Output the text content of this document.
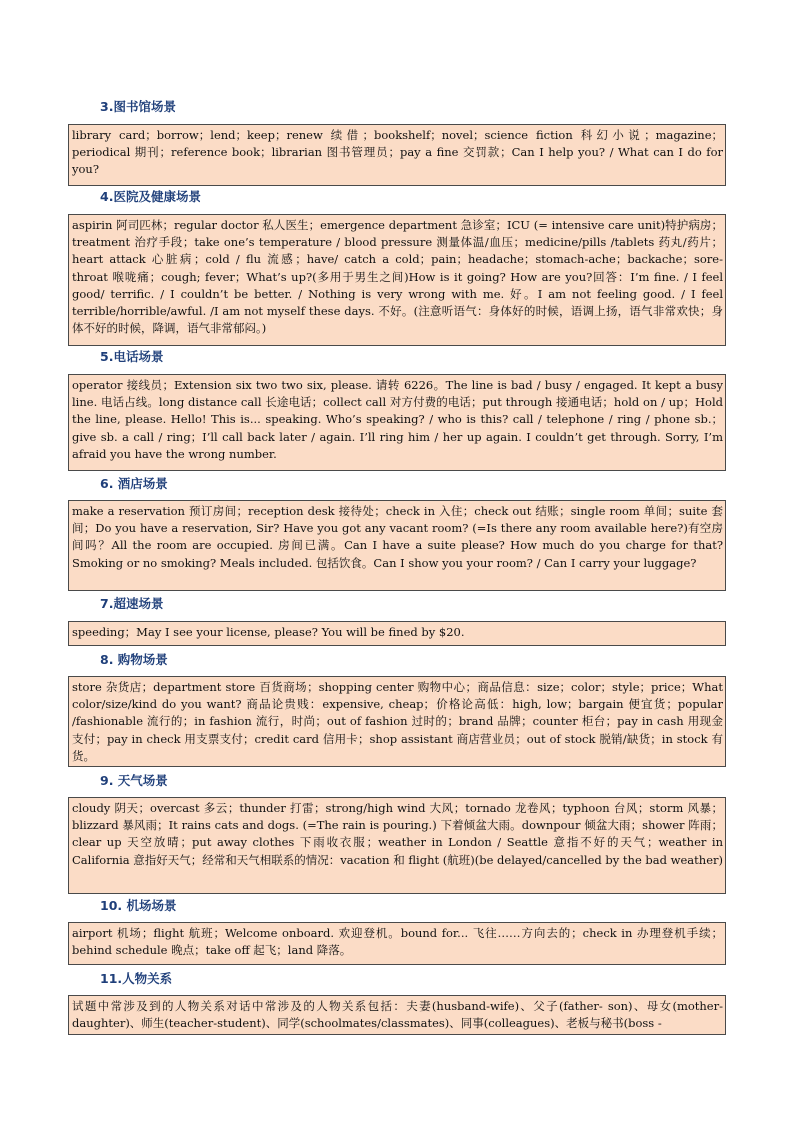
3.图书馆场景
library card；borrow；lend；keep；renew 续借；bookshelf；novel；science fiction 科幻小说；magazine；periodical 期刊；reference book；librarian 图书管理员；pay a fine 交罚款；Can I help you? / What can I do for you?
4.医院及健康场景
aspirin 阿司匹林；regular doctor 私人医生；emergence department 急诊室；ICU (= intensive care unit)特护病房；treatment 治疗手段；take one’s temperature / blood pressure 测量体温/血压；medicine/pills /tablets 药丸/药片；heart attack 心脏病；cold / flu 流感；have/ catch a cold；pain；headache；stomach-ache；backache；sore-throat 喉咙痛；cough; fever；What’s up?(多用于男生之间)How is it going? How are you?回答：I’m fine. / I feel good/ terrific. / I couldn’t be better. / Nothing is very wrong with me. 好。I am not feeling good. / I feel terrible/horrible/awful. /I am not myself these days. 不好。(注意听语气：身体好的时候，语调上扬，语气非常欢快；身体不好的时候，降调，语气非常郁闷。)
5.电话场景
operator 接线员；Extension six two two six, please. 请转 6226。The line is bad / busy / engaged. It kept a busy line. 电话占线。long distance call 长途电话；collect call 对方付费的电话；put through 接通电话；hold on / up；Hold the line, please. Hello! This is... speaking. Who’s speaking? / who is this? call / telephone / ring / phone sb.；give sb. a call / ring；I’ll call back later / again. I’ll ring him / her up again. I couldn’t get through. Sorry, I’m afraid you have the wrong number.
6. 酒店场景
make a reservation 预订房间；reception desk 接待处；check in 入住；check out 结账；single room 单间；suite 套间；Do you have a reservation, Sir? Have you got any vacant room? (=Is there any room available here?)有空房间吗？All the room are occupied. 房间已满。Can I have a suite please? How much do you charge for that? Smoking or no smoking? Meals included. 包括饮食。Can I show you your room? / Can I carry your luggage?
7.超速场景
speeding；May I see your license, please? You will be fined by $20.
8. 购物场景
store 杂货店；department store 百货商场；shopping center 购物中心；商品信息：size；color；style；price；What color/size/kind do you want? 商品论贵贱：expensive, cheap；价格论高低：high, low；bargain 便宜货；popular /fashionable 流行的；in fashion 流行，时尚；out of fashion 过时的；brand 品牌；counter 柜台；pay in cash 用现金支付；pay in check 用支票支付；credit card 信用卡；shop assistant 商店营业员；out of stock 脱销/缺货；in stock 有货。
9. 天气场景
cloudy 阴天；overcast 多云；thunder 打雷；strong/high wind 大风；tornado 龙卷风；typhoon 台风；storm 风暴；blizzard 暴风雨；It rains cats and dogs. (=The rain is pouring.) 下着倾盆大雨。downpour 倾盆大雨；shower 阵雨；clear up 天空放晴；put away clothes 下雨收衣服；weather in London / Seattle 意指不好的天气；weather in California 意指好天气；经常和天气相联系的情况：vacation 和 flight (航班)(be delayed/cancelled by the bad weather)
10. 机场场景
airport 机场；flight 航班；Welcome onboard. 欢迎登机。bound for... 飞往……方向去的；check in 办理登机手续；behind schedule 晚点；take off 起飞；land 降落。
11.人物关系
试题中常涉及到的人物关系对话中常涉及的人物关系包括：夫妻(husband-wife)、父子(father- son)、母女(mother-daughter)、师生(teacher-student)、同学(schoolmates/classmates)、同事(colleagues)、老板与秘书(boss -
